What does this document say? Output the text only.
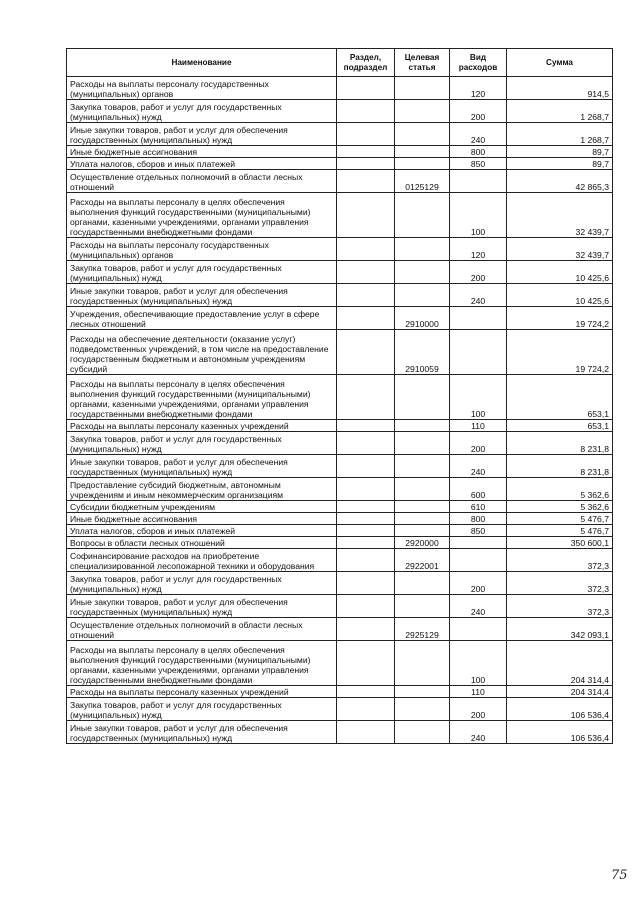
Наименование	Раздел, подраздел	Целевая статья	Вид расходов	Сумма
Расходы на выплаты персоналу государственных (муниципальных) органов			120	914,5
Закупка товаров, работ и услуг для государственных (муниципальных) нужд			200	1 268,7
Иные закупки товаров, работ и услуг для обеспечения государственных (муниципальных) нужд			240	1 268,7
Иные бюджетные ассигнования			800	89,7
Уплата налогов, сборов и иных платежей			850	89,7
Осуществление отдельных полномочий в области лесных отношений		0125129		42 865,3
Расходы на выплаты персоналу в целях обеспечения выполнения функций государственными (муниципальными) органами, казенными учреждениями, органами управления государственными внебюджетными фондами			100	32 439,7
Расходы на выплаты персоналу государственных (муниципальных) органов			120	32 439,7
Закупка товаров, работ и услуг для государственных (муниципальных) нужд			200	10 425,6
Иные закупки товаров, работ и услуг для обеспечения государственных (муниципальных) нужд			240	10 425,6
Учреждения, обеспечивающие предоставление услуг в сфере лесных отношений		2910000		19 724,2
Расходы на обеспечение деятельности (оказание услуг) подведомственных учреждений, в том числе на предоставление государственным бюджетным и автономным учреждениям субсидий		2910059		19 724,2
Расходы на выплаты персоналу в целях обеспечения выполнения функций государственными (муниципальными) органами, казенными учреждениями, органами управления государственными внебюджетными фондами			100	653,1
Расходы на выплаты персоналу казенных учреждений			110	653,1
Закупка товаров, работ и услуг для государственных (муниципальных) нужд			200	8 231,8
Иные закупки товаров, работ и услуг для обеспечения государственных (муниципальных) нужд			240	8 231,8
Предоставление субсидий бюджетным, автономным учреждениям и иным некоммерческим организациям			600	5 362,6
Субсидии бюджетным учреждениям			610	5 362,6
Иные бюджетные ассигнования			800	5 476,7
Уплата налогов, сборов и иных платежей			850	5 476,7
Вопросы в области лесных отношений		2920000		350 600,1
Софинансирование расходов на приобретение специализированной лесопожарной техники и оборудования		2922001		372,3
Закупка товаров, работ и услуг для государственных (муниципальных) нужд			200	372,3
Иные закупки товаров, работ и услуг для обеспечения государственных (муниципальных) нужд			240	372,3
Осуществление отдельных полномочий в области лесных отношений		2925129		342 093,1
Расходы на выплаты персоналу в целях обеспечения выполнения функций государственными (муниципальными) органами, казенными учреждениями, органами управления государственными внебюджетными фондами			100	204 314,4
Расходы на выплаты персоналу казенных учреждений			110	204 314,4
Закупка товаров, работ и услуг для государственных (муниципальных) нужд			200	106 536,4
Иные закупки товаров, работ и услуг для обеспечения государственных (муниципальных) нужд			240	106 536,4
75
